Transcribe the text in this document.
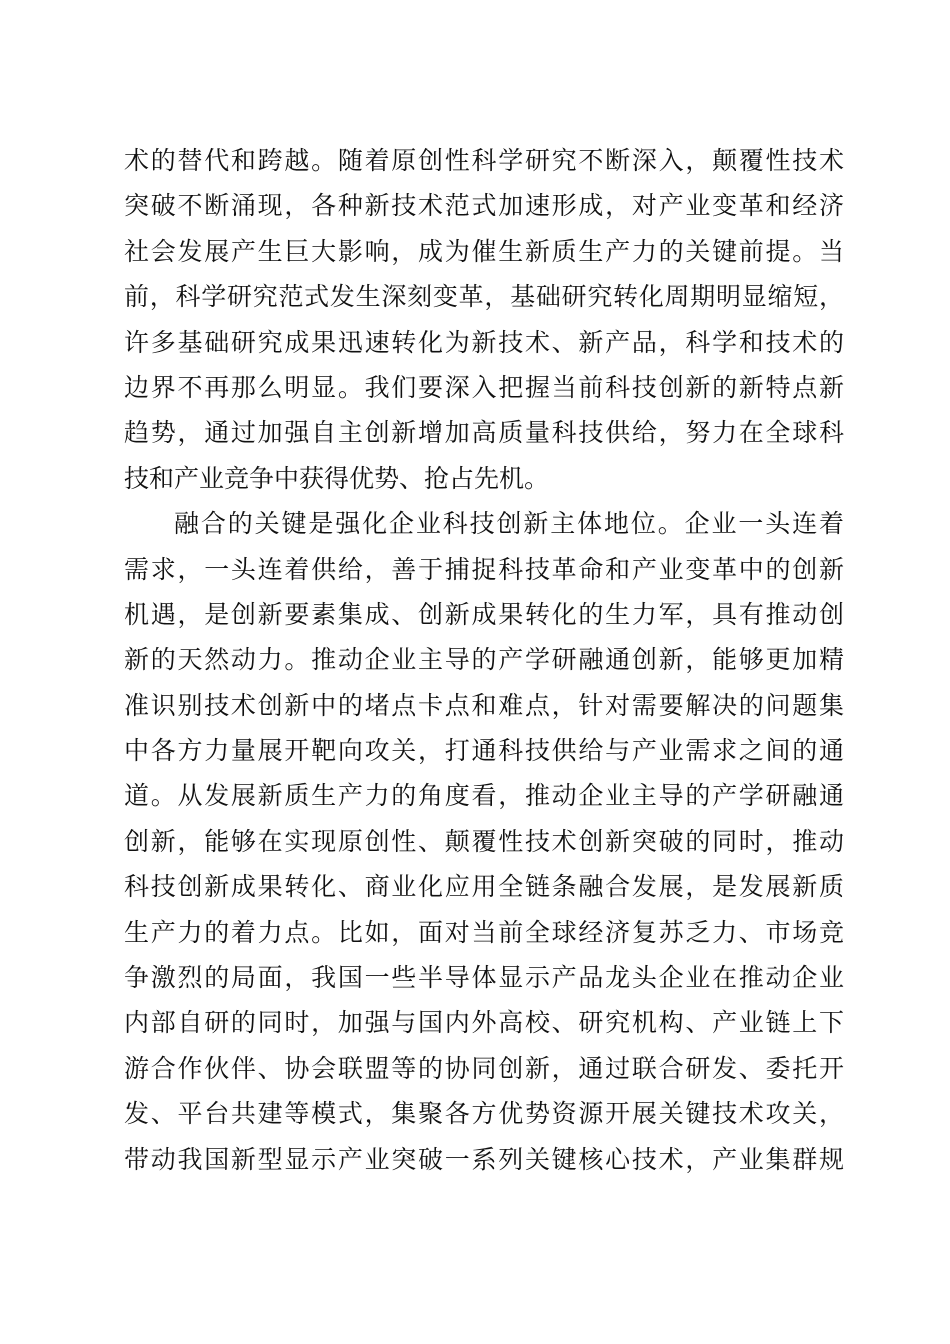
术的替代和跨越。随着原创性科学研究不断深入，颠覆性技术
突破不断涌现，各种新技术范式加速形成，对产业变革和经济
社会发展产生巨大影响，成为催生新质生产力的关键前提。当
前，科学研究范式发生深刻变革，基础研究转化周期明显缩短，
许多基础研究成果迅速转化为新技术、新产品，科学和技术的
边界不再那么明显。我们要深入把握当前科技创新的新特点新
趋势，通过加强自主创新增加高质量科技供给，努力在全球科
技和产业竞争中获得优势、抢占先机。
融合的关键是强化企业科技创新主体地位。企业一头连着
需求，一头连着供给，善于捕捉科技革命和产业变革中的创新
机遇，是创新要素集成、创新成果转化的生力军，具有推动创
新的天然动力。推动企业主导的产学研融通创新，能够更加精
准识别技术创新中的堵点卡点和难点，针对需要解决的问题集
中各方力量展开靶向攻关，打通科技供给与产业需求之间的通
道。从发展新质生产力的角度看，推动企业主导的产学研融通
创新，能够在实现原创性、颠覆性技术创新突破的同时，推动
科技创新成果转化、商业化应用全链条融合发展，是发展新质
生产力的着力点。比如，面对当前全球经济复苏乏力、市场竞
争激烈的局面，我国一些半导体显示产品龙头企业在推动企业
内部自研的同时，加强与国内外高校、研究机构、产业链上下
游合作伙伴、协会联盟等的协同创新，通过联合研发、委托开
发、平台共建等模式，集聚各方优势资源开展关键技术攻关，
带动我国新型显示产业突破一系列关键核心技术，产业集群规
